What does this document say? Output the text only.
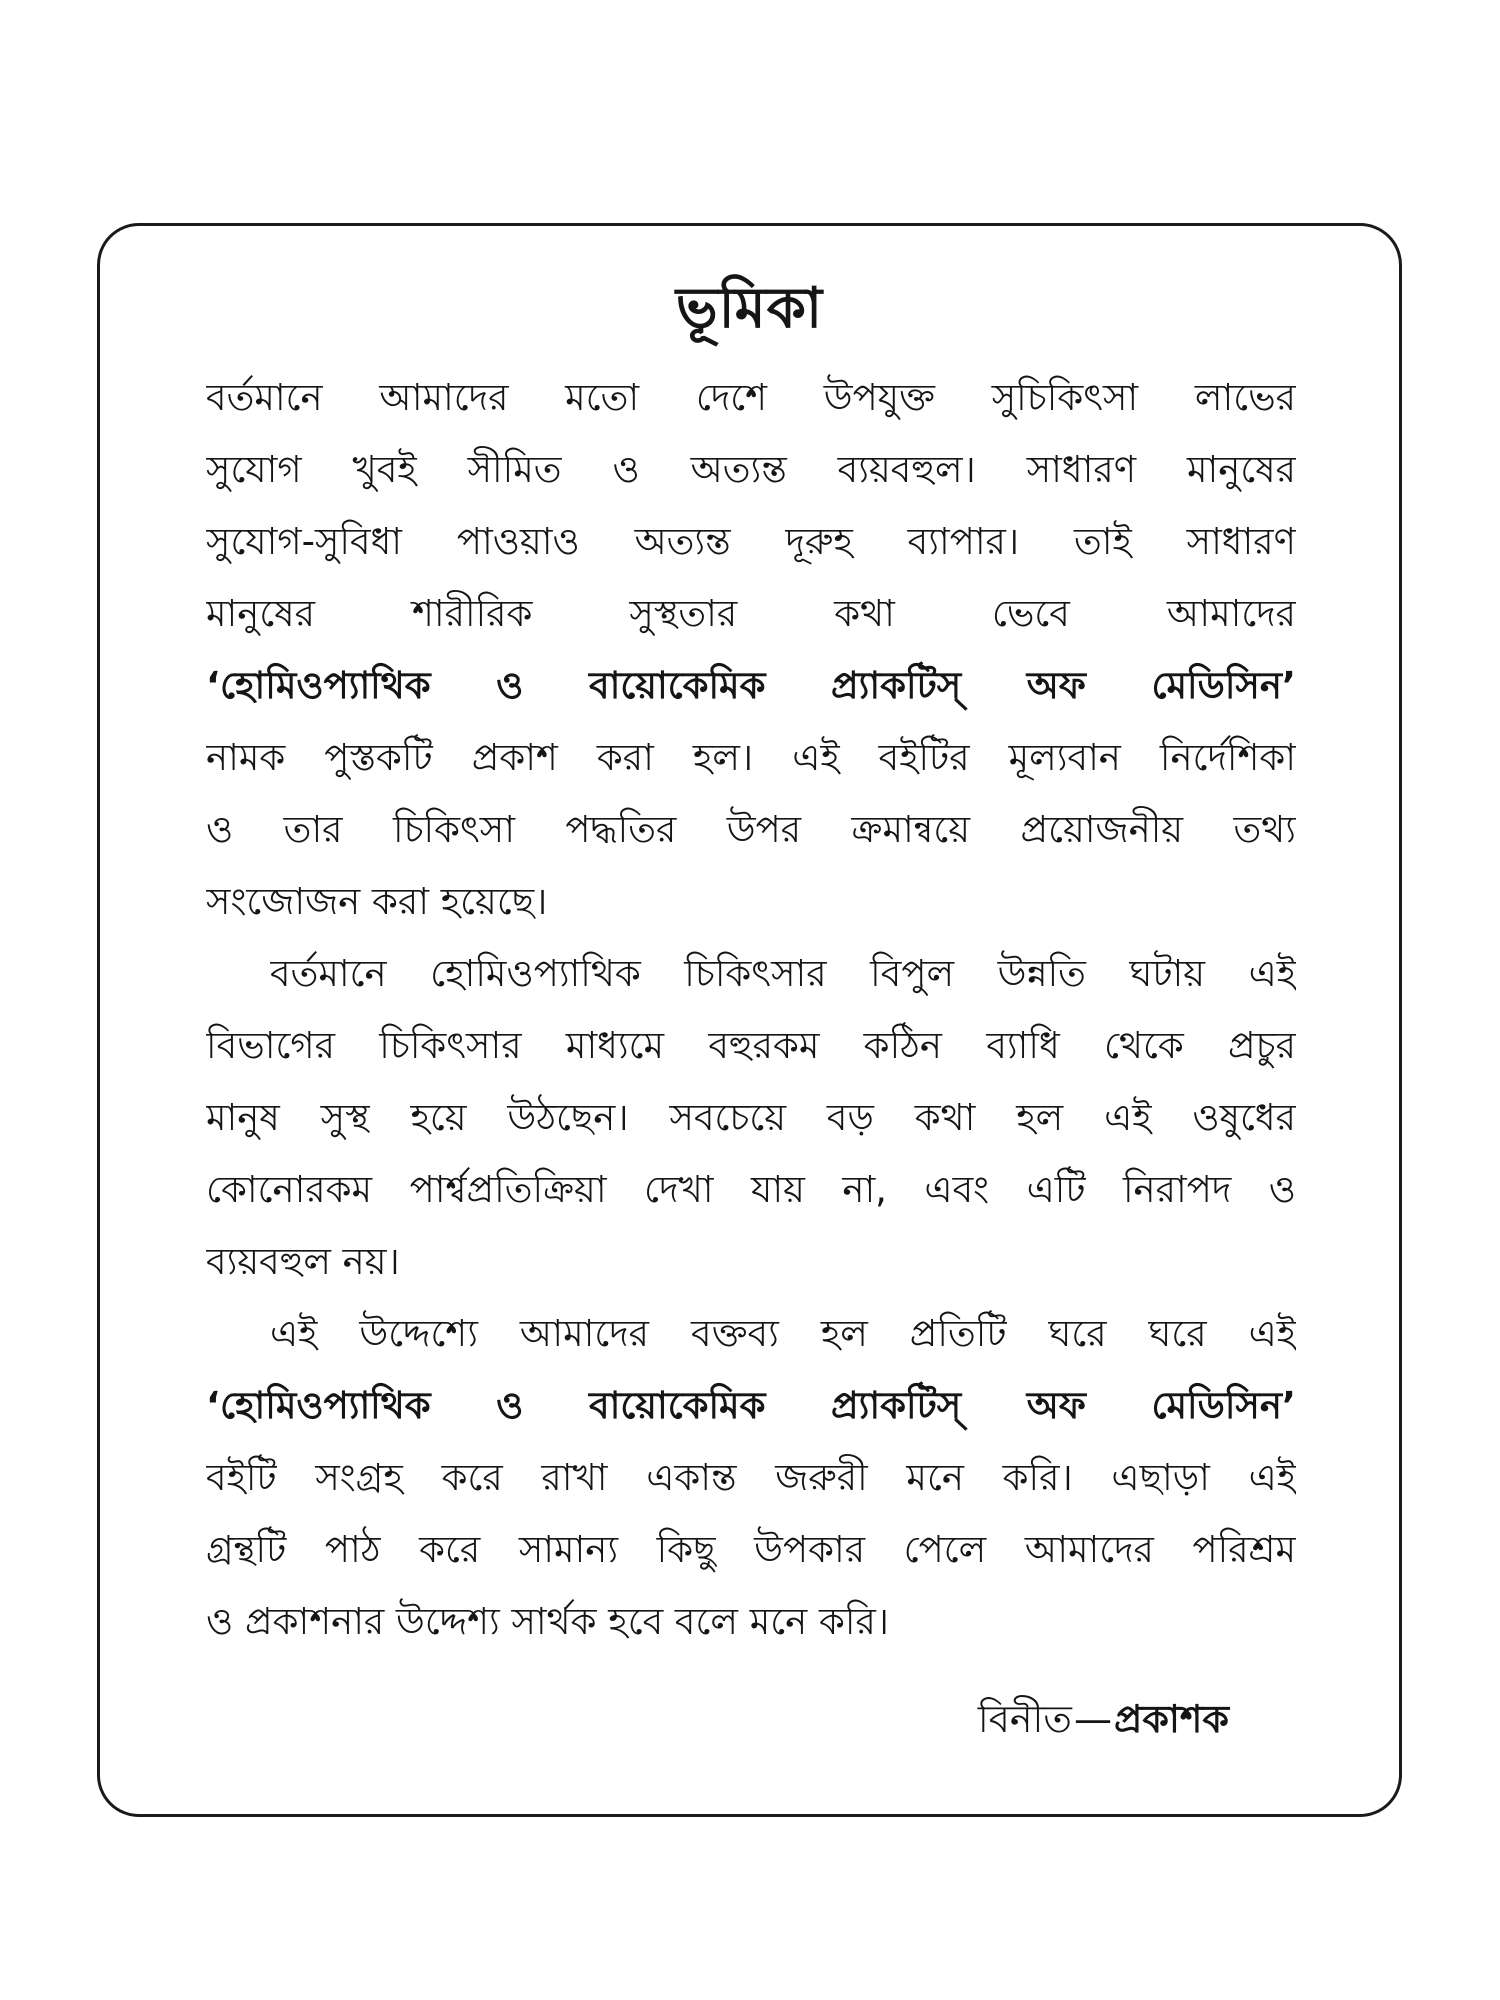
ভূমিকা
বর্তমানে আমাদের মতো দেশে উপযুক্ত সুচিকিৎসা লাভের
সুযোগ খুবই সীমিত ও অত্যন্ত ব্যয়বহুল। সাধারণ মানুষের
সুযোগ-সুবিধা পাওয়াও অত্যন্ত দূরুহ ব্যাপার। তাই সাধারণ
মানুষের শারীরিক সুস্থতার কথা ভেবে আমাদের
‘হোমিওপ্যাথিক ও বায়োকেমিক প্র্যাকটিস্ অফ মেডিসিন’
নামক পুস্তকটি প্রকাশ করা হল। এই বইটির মূল্যবান নির্দেশিকা
ও তার চিকিৎসা পদ্ধতির উপর ক্রমান্বয়ে প্রয়োজনীয় তথ্য
সংজোজন করা হয়েছে।
বর্তমানে হোমিওপ্যাথিক চিকিৎসার বিপুল উন্নতি ঘটায় এই
বিভাগের চিকিৎসার মাধ্যমে বহুরকম কঠিন ব্যাধি থেকে প্রচুর
মানুষ সুস্থ হয়ে উঠছেন। সবচেয়ে বড় কথা হল এই ওষুধের
কোনোরকম পার্শ্বপ্রতিক্রিয়া দেখা যায় না, এবং এটি নিরাপদ ও
ব্যয়বহুল নয়।
এই উদ্দেশ্যে আমাদের বক্তব্য হল প্রতিটি ঘরে ঘরে এই
‘হোমিওপ্যাথিক ও বায়োকেমিক প্র্যাকটিস্ অফ মেডিসিন’
বইটি সংগ্রহ করে রাখা একান্ত জরুরী মনে করি। এছাড়া এই
গ্রন্থটি পাঠ করে সামান্য কিছু উপকার পেলে আমাদের পরিশ্রম
ও প্রকাশনার উদ্দেশ্য সার্থক হবে বলে মনে করি।
বিনীত—প্রকাশক
